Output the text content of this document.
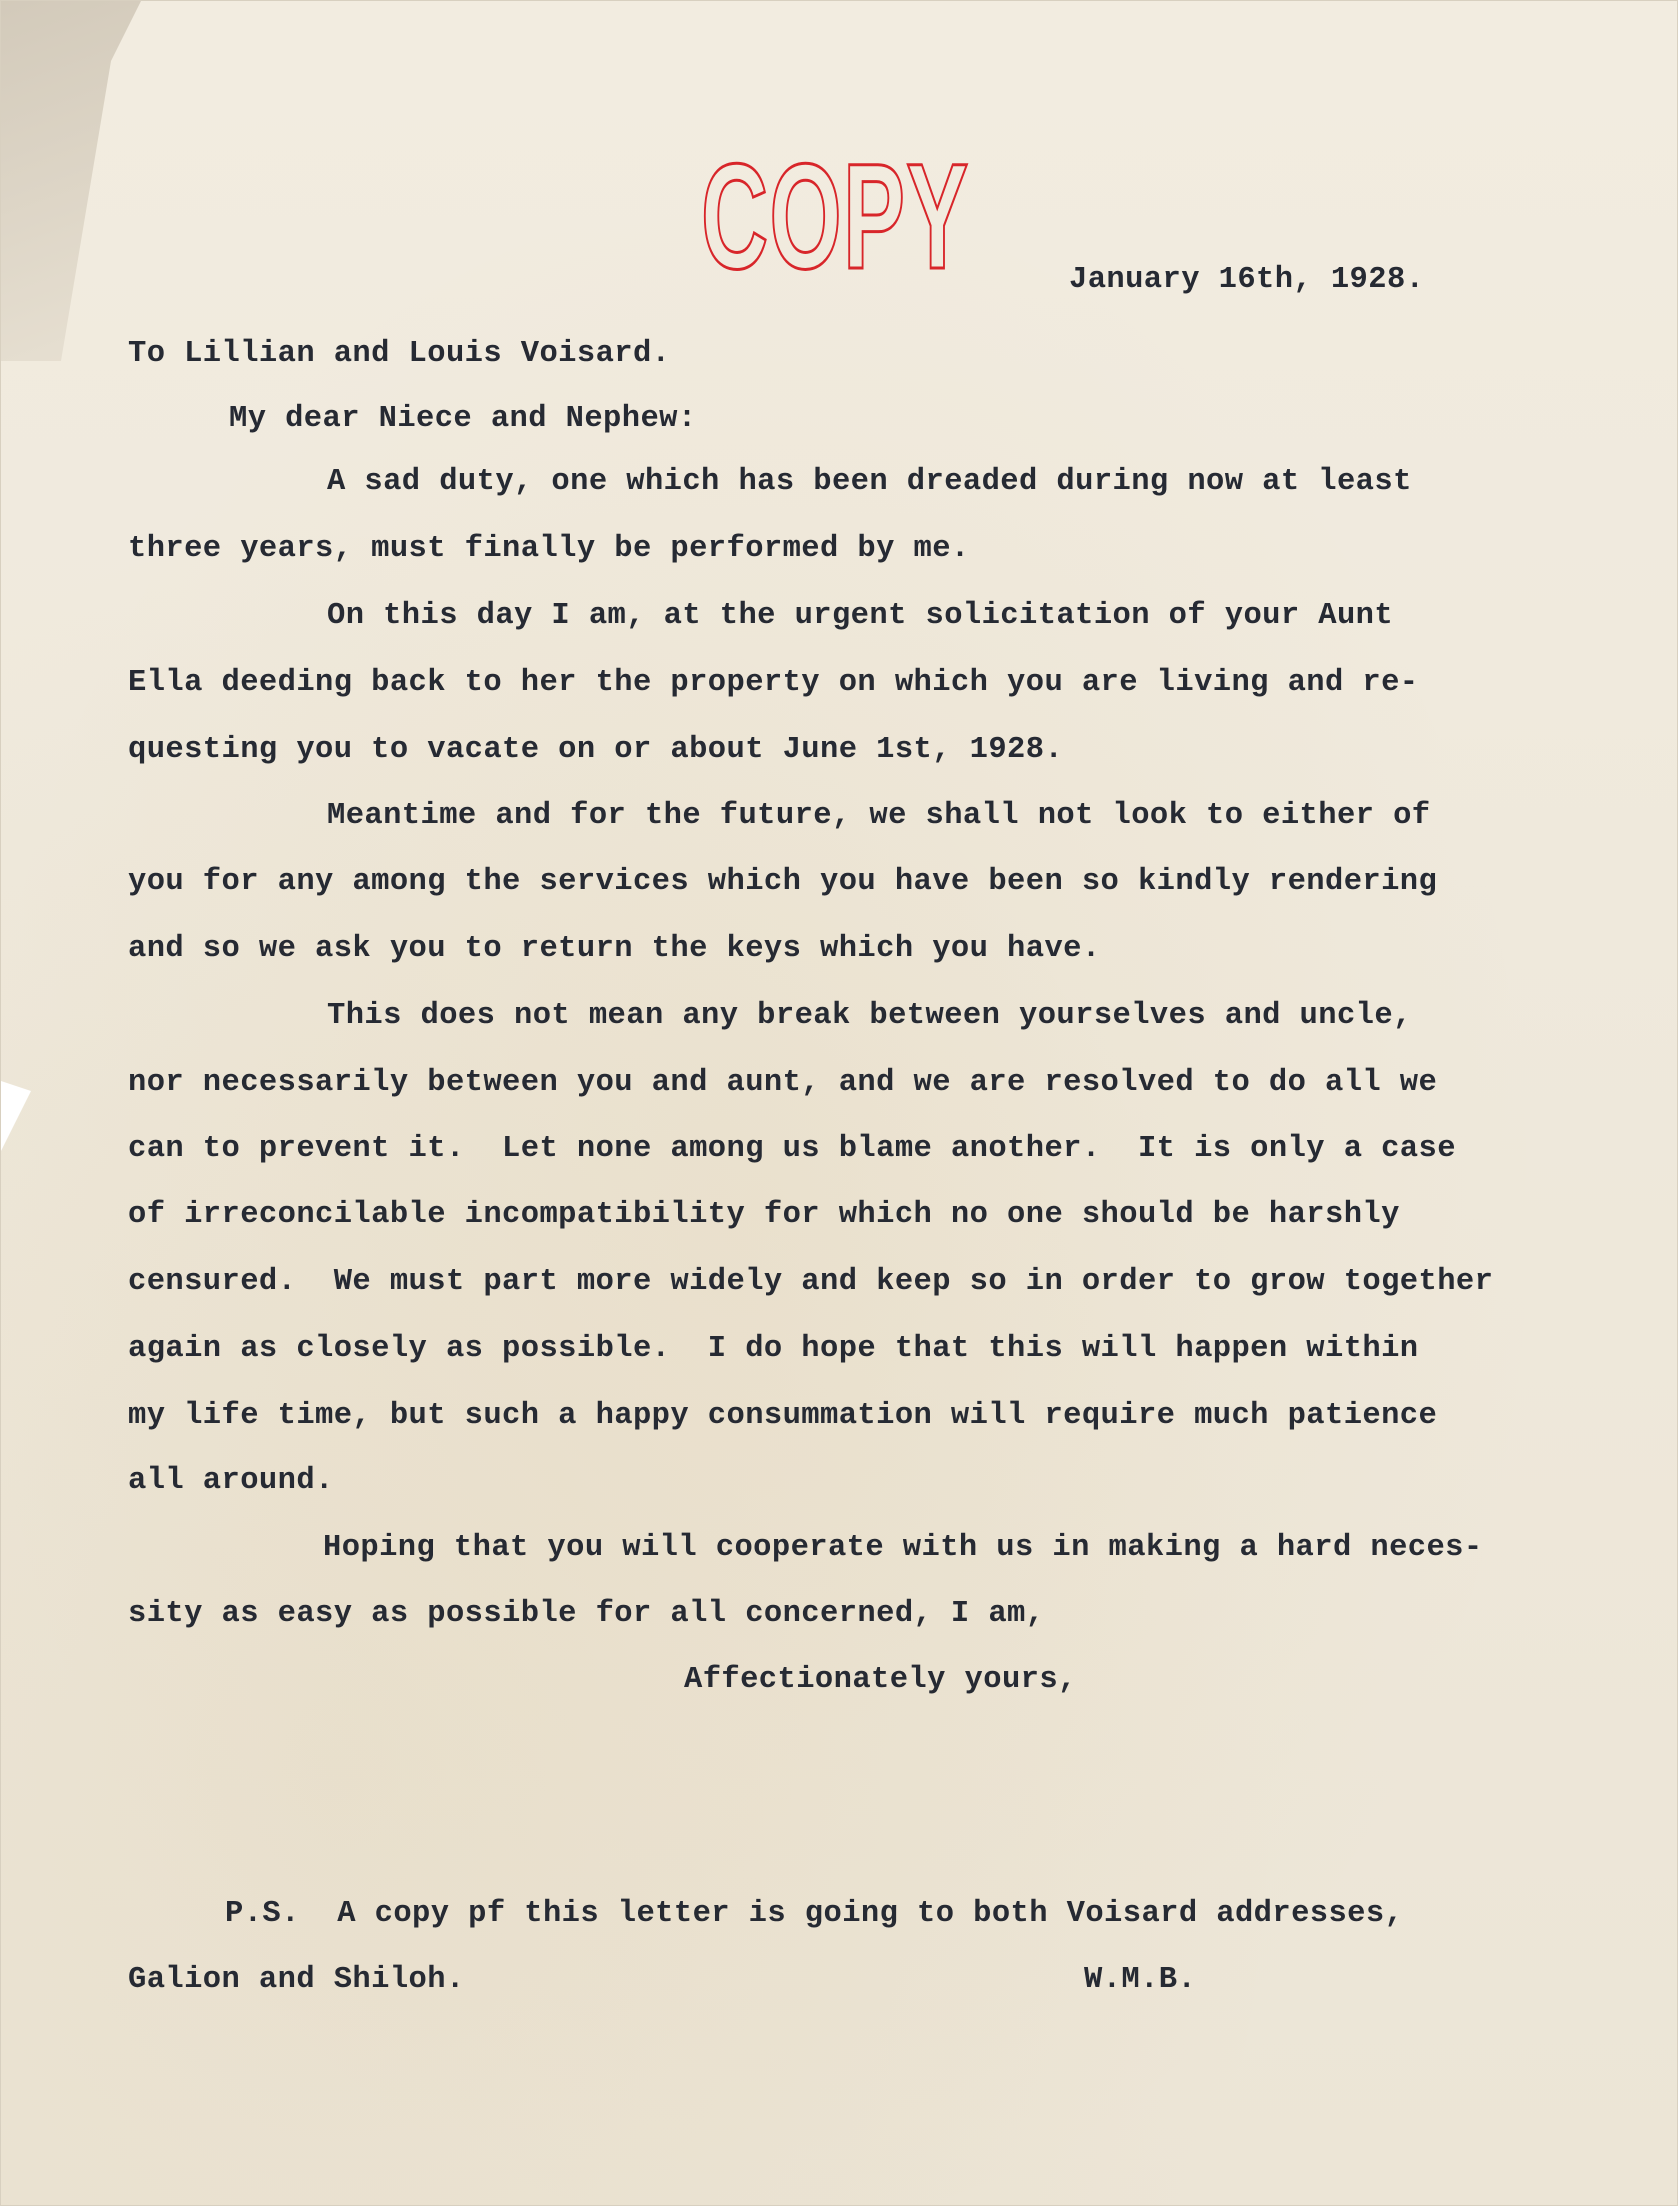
COPY	January 16th, 1928.
To Lillian and Louis Voisard.
My dear Niece and Nephew:
A sad duty, one which has been dreaded during now at least
three years, must finally be performed by me.
On this day I am, at the urgent solicitation of your Aunt
Ella deeding back to her the property on which you are living and re-
questing you to vacate on or about June 1st, 1928.
Meantime and for the future, we shall not look to either of
you for any among the services which you have been so kindly rendering
and so we ask you to return the keys which you have.
This does not mean any break between yourselves and uncle,
nor necessarily between you and aunt, and we are resolved to do all we
can to prevent it.  Let none among us blame another.  It is only a case
of irreconcilable incompatibility for which no one should be harshly
censured.  We must part more widely and keep so in order to grow together
again as closely as possible.  I do hope that this will happen within
my life time, but such a happy consummation will require much patience
all around.
Hoping that you will cooperate with us in making a hard neces-
sity as easy as possible for all concerned, I am,
Affectionately yours,
P.S.  A copy pf this letter is going to both Voisard addresses,
Galion and Shiloh.	W.M.B.
